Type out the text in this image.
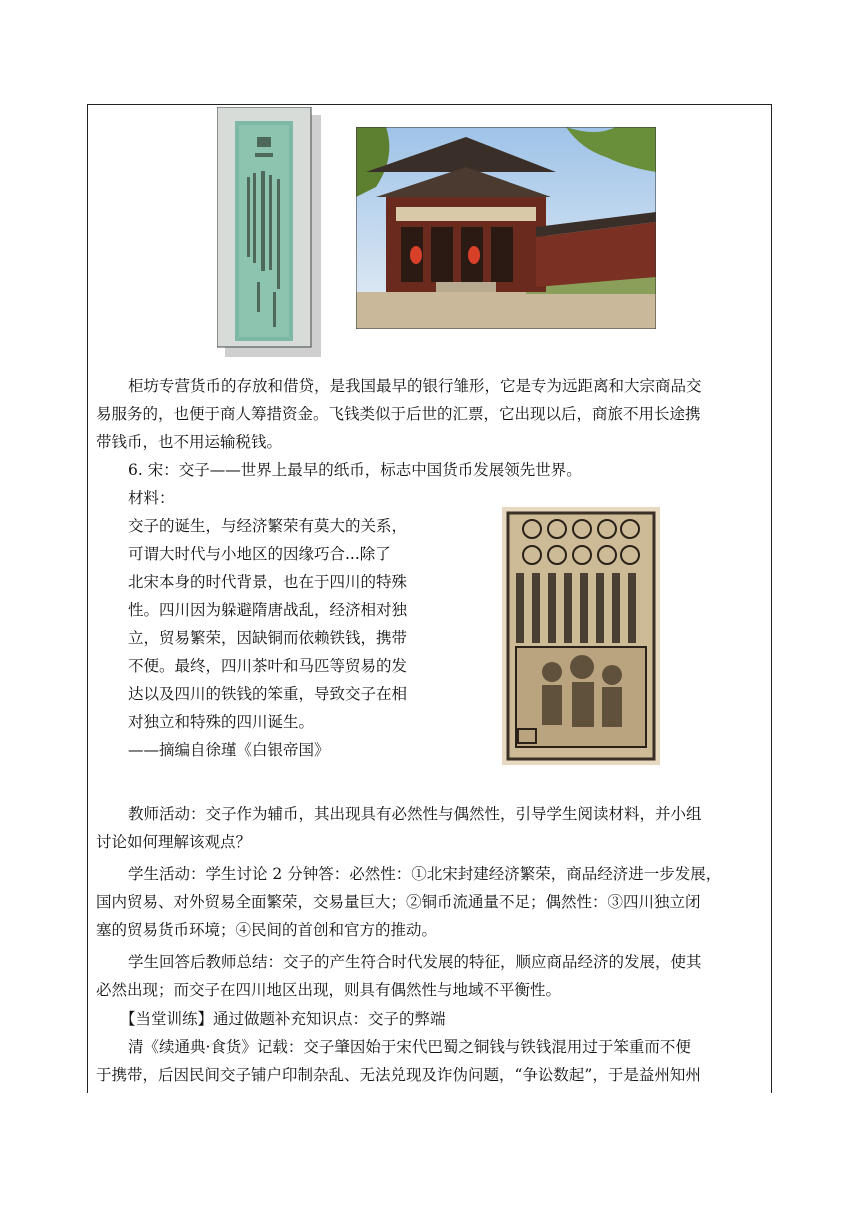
柜坊专营货币的存放和借贷，是我国最早的银行雏形，它是专为远距离和大宗商品交

易服务的，也便于商人筹措资金。飞钱类似于后世的汇票，它出现以后，商旅不用长途携

带钱币，也不用运输税钱。

6. 宋：交子——世界上最早的纸币，标志中国货币发展领先世界。

材料：

交子的诞生，与经济繁荣有莫大的关系，

可谓大时代与小地区的因缘巧合...除了

北宋本身的时代背景，也在于四川的特殊

性。四川因为躲避隋唐战乱，经济相对独

立，贸易繁荣，因缺铜而依赖铁钱，携带

不便。最终，四川茶叶和马匹等贸易的发

达以及四川的铁钱的笨重，导致交子在相

对独立和特殊的四川诞生。

——摘编自徐瑾《白银帝国》

教师活动：交子作为辅币，其出现具有必然性与偶然性，引导学生阅读材料，并小组

讨论如何理解该观点？

学生活动：学生讨论 2 分钟答：必然性：①北宋封建经济繁荣，商品经济进一步发展，

国内贸易、对外贸易全面繁荣，交易量巨大；②铜币流通量不足；偶然性：③四川独立闭

塞的贸易货币环境；④民间的首创和官方的推动。

学生回答后教师总结：交子的产生符合时代发展的特征，顺应商品经济的发展，使其

必然出现；而交子在四川地区出现，则具有偶然性与地域不平衡性。

【当堂训练】通过做题补充知识点：交子的弊端

清《续通典·食货》记载：交子肇因始于宋代巴蜀之铜钱与铁钱混用过于笨重而不便

于携带，后因民间交子铺户印制杂乱、无法兑现及诈伪问题，“争讼数起”，于是益州知州
